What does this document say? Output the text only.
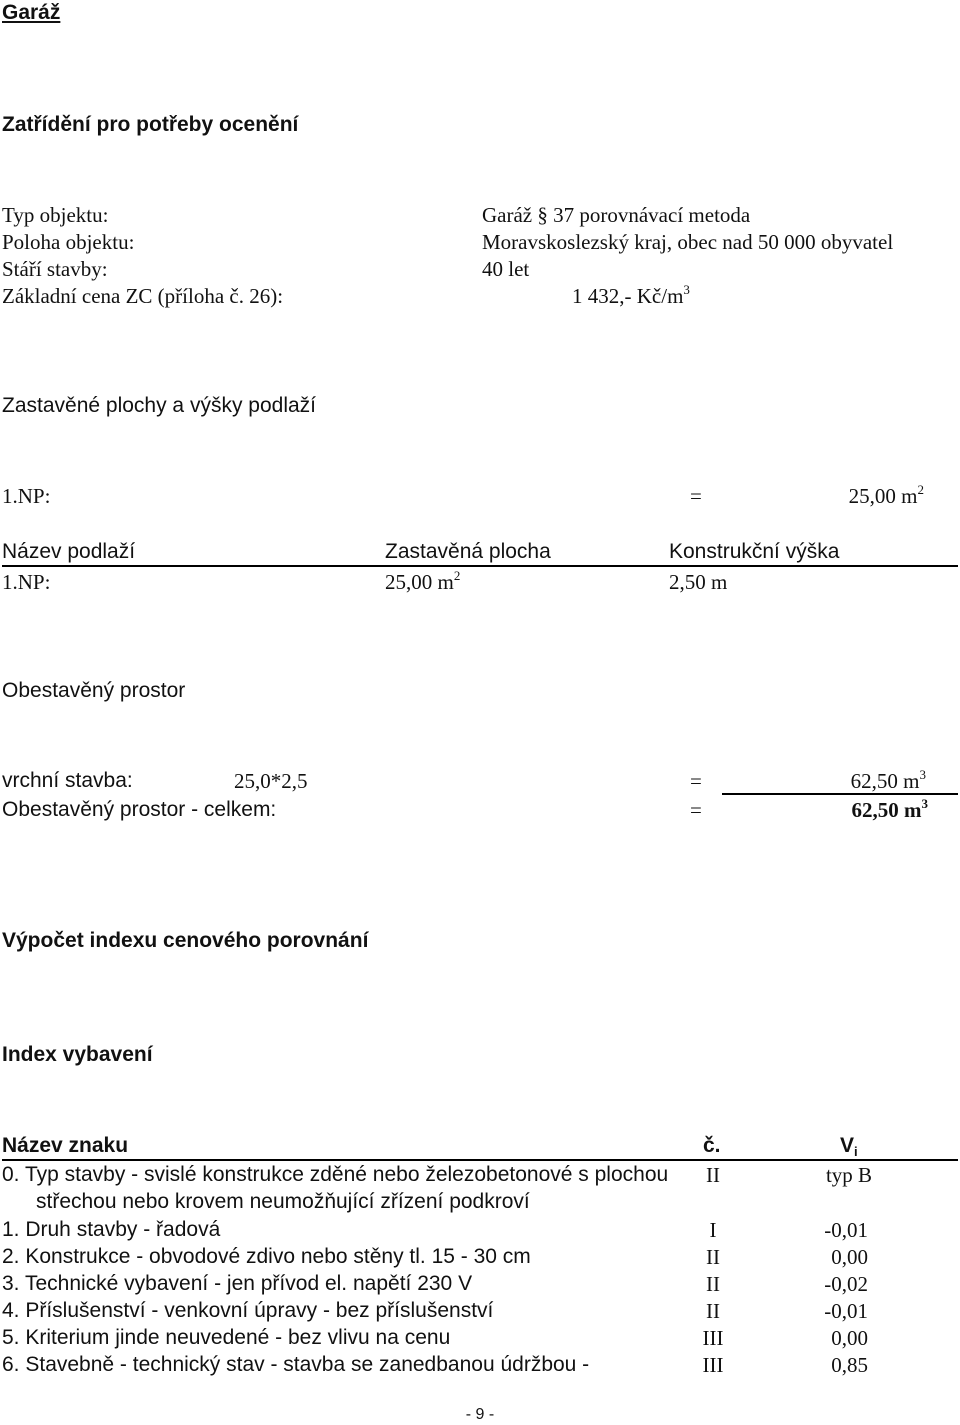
Garáž
Zatřídění pro potřeby ocenění
Typ objektu:	Garáž § 37 porovnávací metoda
Poloha objektu:	Moravskoslezský kraj, obec nad 50 000 obyvatel
Stáří stavby:	40 let
Základní cena ZC (příloha č. 26):	1 432,- $Kč/m^3$
Zastavěné plochy a výšky podlaží
1.NP:	=	25,00 $m^2$
Název podlaží	Zastavěná plocha	Konstrukční výška
1.NP:	25,00 $m^2$	2,50 m
Obestavěný prostor
vrchní stavba:	25,0*2,5	=	62,50 $m^3$
Obestavěný prostor - celkem:	=	62,50 $m^3$
Výpočet indexu cenového porovnání
Index vybavení
Název znaku	č.	$V_i$
0. Typ stavby - svislé konstrukce zděné nebo železobetonové s plochou	II	typ B
střechou nebo krovem neumožňující zřízení podkroví
1. Druh stavby - řadová	I	-0,01
2. Konstrukce - obvodové zdivo nebo stěny tl. 15 - 30 cm	II	0,00
3. Technické vybavení - jen přívod el. napětí 230 V	II	-0,02
4. Příslušenství - venkovní úpravy - bez příslušenství	II	-0,01
5. Kriterium jinde neuvedené - bez vlivu na cenu	III	0,00
6. Stavebně - technický stav - stavba se zanedbanou údržbou -	III	0,85
- 9 -
